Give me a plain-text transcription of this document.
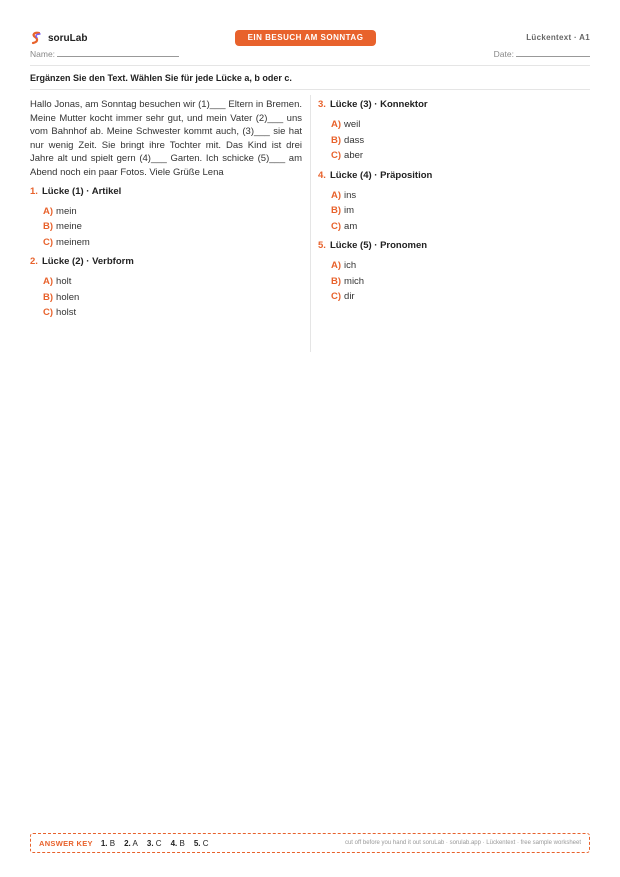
soruLab	EIN BESUCH AM SONNTAG	Lückentext · A1
Name:	Date:
Ergänzen Sie den Text. Wählen Sie für jede Lücke a, b oder c.

Hallo Jonas, am Sonntag besuchen wir (1)___ Eltern in Bremen. Meine Mutter kocht immer sehr gut, und mein Vater (2)___ uns vom Bahnhof ab. Meine Schwester kommt auch, (3)___ sie hat nur wenig Zeit. Sie bringt ihre Tochter mit. Das Kind ist drei Jahre alt und spielt gern (4)___ Garten. Ich schicke (5)___ am Abend noch ein paar Fotos. Viele Grüße Lena

1. Lücke (1) · Artikel
A) mein
B) meine
C) meinem
2. Lücke (2) · Verbform
A) holt
B) holen
C) holst
3. Lücke (3) · Konnektor
A) weil
B) dass
C) aber
4. Lücke (4) · Präposition
A) ins
B) im
C) am
5. Lücke (5) · Pronomen
A) ich
B) mich
C) dir
ANSWER KEY 1. B 2. A 3. C 4. B 5. C	cut off before you hand it out soruLab · sorulab.app · Lückentext · free sample worksheet
